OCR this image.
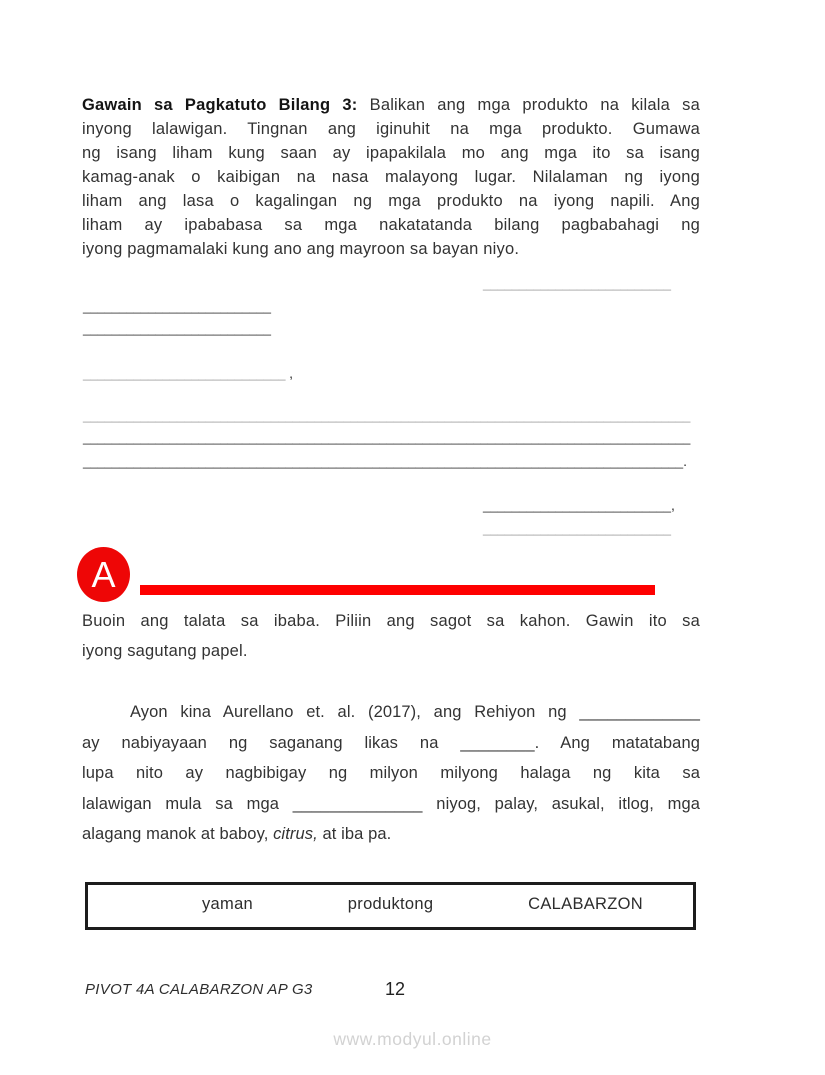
Gawain sa Pagkatuto Bilang 3: Balikan ang mga produkto na kilala sa
inyong lalawigan. Tingnan ang iginuhit na mga produkto. Gumawa
ng isang liham kung saan ay ipapakilala mo ang mga ito sa isang
kamag-anak o kaibigan na nasa malayong lugar. Nilalaman ng iyong
liham ang lasa o kagalingan ng mga produkto na iyong napili. Ang
liham ay ipababasa sa mga nakatatanda bilang pagbabahagi ng
iyong pagmamalaki kung ano ang mayroon sa bayan niyo.
__________________________
__________________________
__________________________
____________________________ ,
____________________________________________________________________________________
____________________________________________________________________________________
___________________________________________________________________________________.
__________________________,
__________________________
A
Buoin ang talata sa ibaba. Piliin ang sagot sa kahon. Gawin ito sa
iyong sagutang papel.
Ayon kina Aurellano et. al. (2017), ang Rehiyon ng _____________
ay nabiyayaan ng saganang likas na ________. Ang matatabang
lupa nito ay nagbibigay ng milyon milyong halaga ng kita sa
lalawigan mula sa mga ______________ niyog, palay, asukal, itlog, mga
alagang manok at baboy, citrus, at iba pa.
yaman	produktong	CALABARZON
PIVOT 4A CALABARZON AP G3	12
www.modyul.online
